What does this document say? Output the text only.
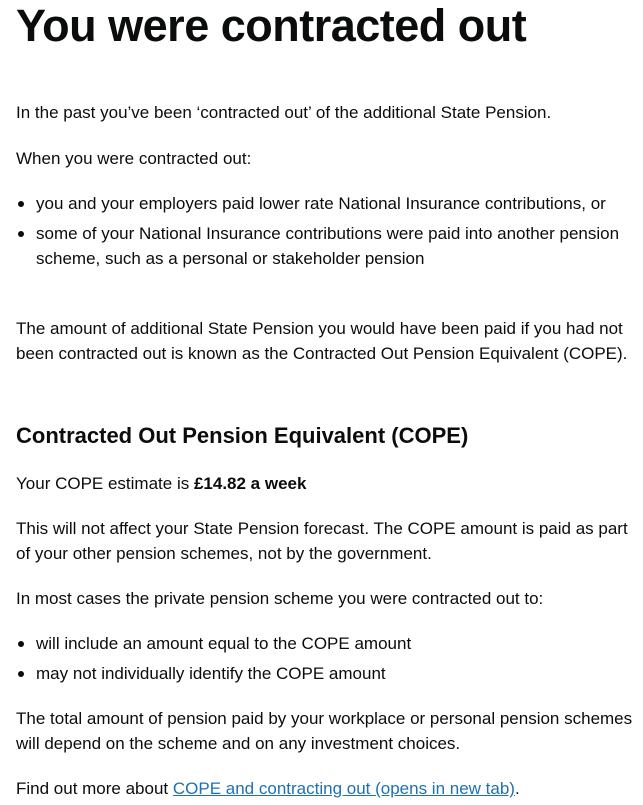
You were contracted out

In the past you’ve been ‘contracted out’ of the additional State Pension.

When you were contracted out:

you and your employers paid lower rate National Insurance contributions, or
some of your National Insurance contributions were paid into another pension scheme, such as a personal or stakeholder pension

The amount of additional State Pension you would have been paid if you had not been contracted out is known as the Contracted Out Pension Equivalent (COPE).

Contracted Out Pension Equivalent (COPE)

Your COPE estimate is £14.82 a week

This will not affect your State Pension forecast. The COPE amount is paid as part of your other pension schemes, not by the government.

In most cases the private pension scheme you were contracted out to:

will include an amount equal to the COPE amount
may not individually identify the COPE amount

The total amount of pension paid by your workplace or personal pension schemes will depend on the scheme and on any investment choices.

Find out more about COPE and contracting out (opens in new tab).
